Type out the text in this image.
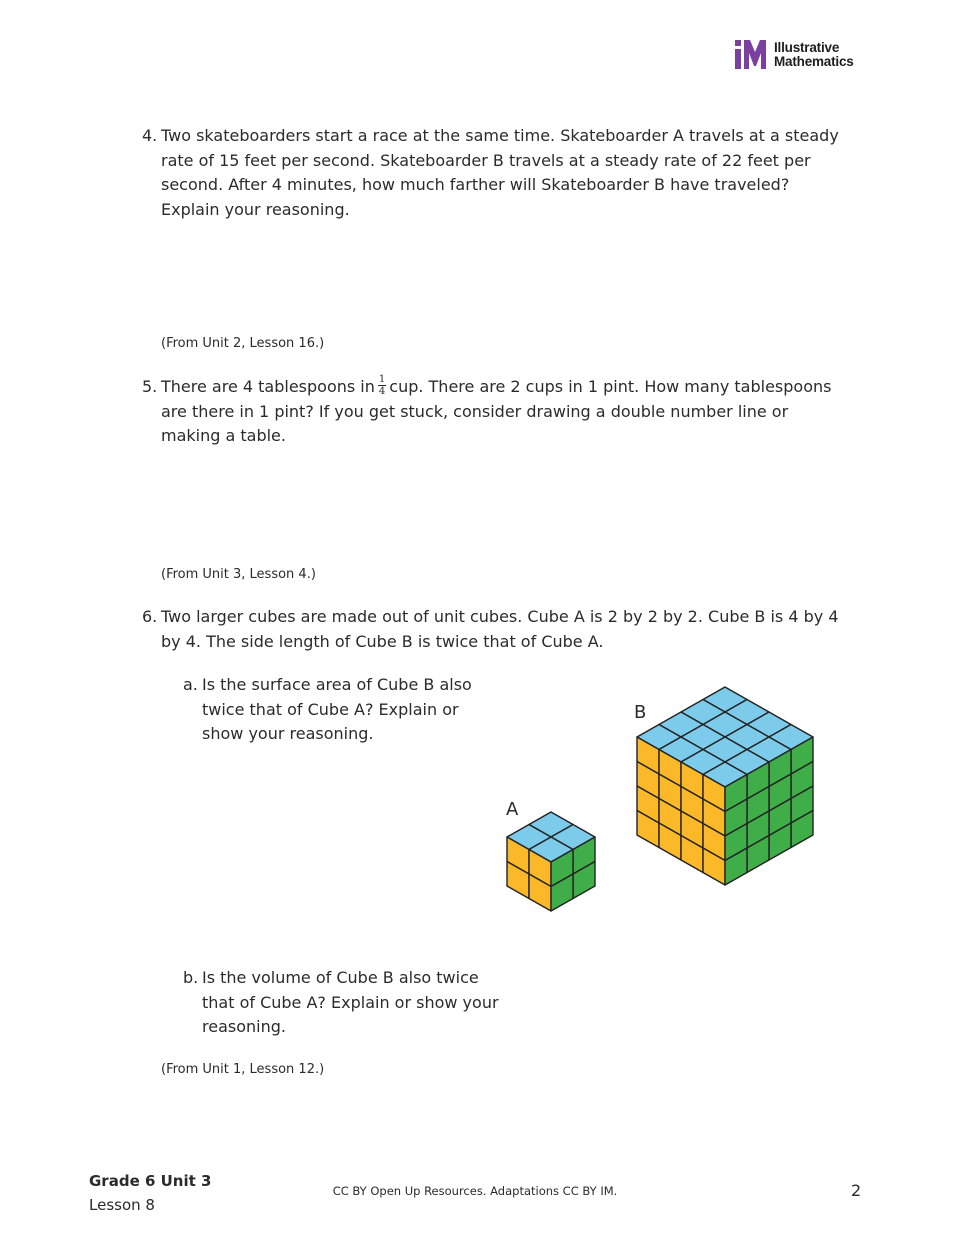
Illustrative
Mathematics
4. Two skateboarders start a race at the same time. Skateboarder A travels at a steady rate of 15 feet per second. Skateboarder B travels at a steady rate of 22 feet per second. After 4 minutes, how much farther will Skateboarder B have traveled? Explain your reasoning.
(From Unit 2, Lesson 16.)
5. There are 4 tablespoons in $\frac{1}{4}$ cup. There are 2 cups in 1 pint. How many tablespoons are there in 1 pint? If you get stuck, consider drawing a double number line or making a table.
(From Unit 3, Lesson 4.)
6. Two larger cubes are made out of unit cubes. Cube A is 2 by 2 by 2. Cube B is 4 by 4 by 4. The side length of Cube B is twice that of Cube A.
a. Is the surface area of Cube B also twice that of Cube A? Explain or show your reasoning.
b. Is the volume of Cube B also twice that of Cube A? Explain or show your reasoning.
A
B
(From Unit 1, Lesson 12.)
Grade 6 Unit 3
Lesson 8
CC BY Open Up Resources. Adaptations CC BY IM.	2
